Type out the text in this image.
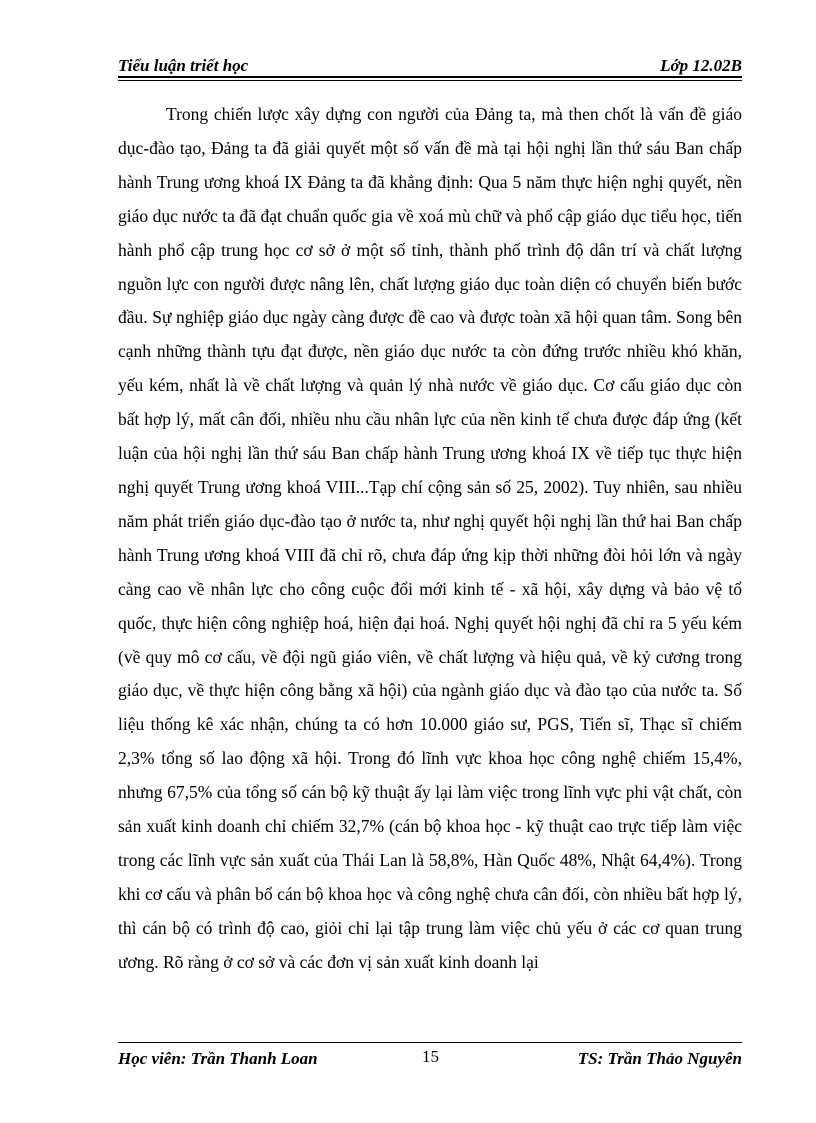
Tiểu luận triết học	Lớp 12.02B

Trong chiến lược xây dựng con người của Đảng ta, mà then chốt là vấn đề giáo dục-đào tạo, Đảng ta đã giải quyết một số vấn đề mà tại hội nghị lần thứ sáu Ban chấp hành Trung ương khoá IX Đảng ta đã khẳng định: Qua 5 năm thực hiện nghị quyết, nền giáo dục nước ta đã đạt chuẩn quốc gia về xoá mù chữ và phổ cập giáo dục tiểu học, tiến hành phổ cập trung học cơ sở ở một số tỉnh, thành phố trình độ dân trí và chất lượng nguồn lực con người được nâng lên, chất lượng giáo dục toàn diện có chuyển biến bước đầu. Sự nghiệp giáo dục ngày càng được đề cao và được toàn xã hội quan tâm. Song bên cạnh những thành tựu đạt được, nền giáo dục nước ta còn đứng trước nhiều khó khăn, yếu kém, nhất là về chất lượng và quản lý nhà nước về giáo dục. Cơ cấu giáo dục còn bất hợp lý, mất cân đối, nhiều nhu cầu nhân lực của nền kinh tế chưa được đáp ứng (kết luận của hội nghị lần thứ sáu Ban chấp hành Trung ương khoá IX về tiếp tục thực hiện nghị quyết Trung ương khoá VIII...Tạp chí cộng sản số 25, 2002). Tuy nhiên, sau nhiều năm phát triển giáo dục-đào tạo ở nước ta, như nghị quyết hội nghị lần thứ hai Ban chấp hành Trung ương khoá VIII đã chỉ rõ, chưa đáp ứng kịp thời những đòi hỏi lớn và ngày càng cao về nhân lực cho công cuộc đổi mới kinh tế - xã hội, xây dựng và bảo vệ tổ quốc, thực hiện công nghiệp hoá, hiện đại hoá. Nghị quyết hội nghị đã chỉ ra 5 yếu kém (về quy mô cơ cấu, về đội ngũ giáo viên, về chất lượng và hiệu quả, về kỷ cương trong giáo dục, về thực hiện công bằng xã hội) của ngành giáo dục và đào tạo của nước ta. Số liệu thống kê xác nhận, chúng ta có hơn 10.000 giáo sư, PGS, Tiến sĩ, Thạc sĩ chiếm 2,3% tổng số lao động xã hội. Trong đó lĩnh vực khoa học công nghệ chiếm 15,4%, nhưng 67,5% của tổng số cán bộ kỹ thuật ấy lại làm việc trong lĩnh vực phi vật chất, còn sản xuất kinh doanh chỉ chiếm 32,7% (cán bộ khoa học - kỹ thuật cao trực tiếp làm việc trong các lĩnh vực sản xuất của Thái Lan là 58,8%, Hàn Quốc 48%, Nhật 64,4%). Trong khi cơ cấu và phân bổ cán bộ khoa học và công nghệ chưa cân đối, còn nhiều bất hợp lý, thì cán bộ có trình độ cao, giỏi chỉ lại tập trung làm việc chủ yếu ở các cơ quan trung ương. Rõ ràng ở cơ sở và các đơn vị sản xuất kinh doanh lại

Học viên: Trần Thanh Loan	15	TS: Trần Thảo Nguyên
